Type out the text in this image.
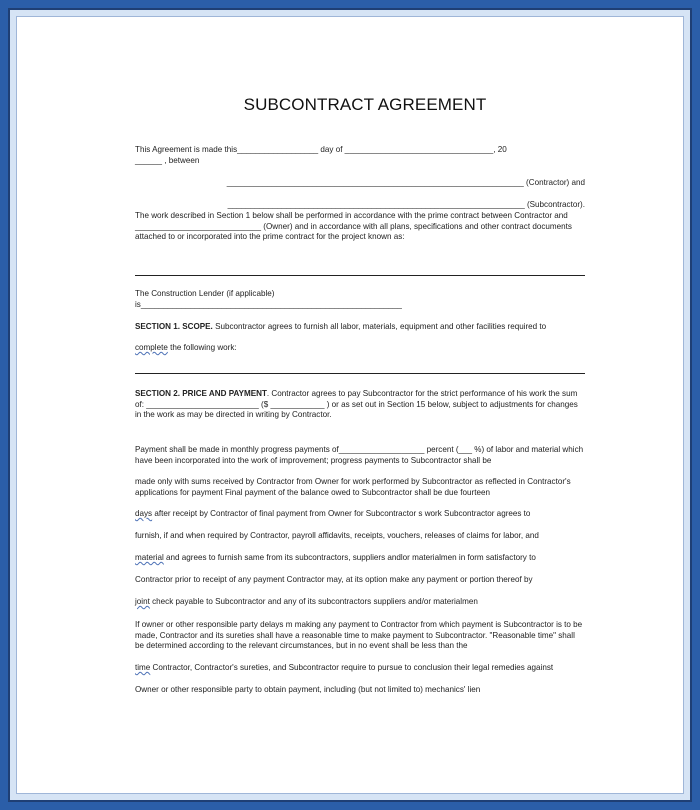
SUBCONTRACT AGREEMENT

This Agreement is made this__________________ day of _________________________________, 20

______ , between

__________________________________________________________________ (Contractor) and

__________________________________________________________________ (Subcontractor).

The work described in Section 1 below shall be performed in accordance with the prime contract between Contractor and ____________________________ (Owner) and in accordance with all plans, specifications and other contract documents attached to or incorporated into the prime contract for the project known as:

The Construction Lender (if applicable)

is__________________________________________________________

SECTION 1. SCOPE. Subcontractor agrees to furnish all labor, materials, equipment and other facilities required to

complete the following work:

SECTION 2. PRICE AND PAYMENT. Contractor agrees to pay Subcontractor for the strict performance of his work the sum of: _________________________ ($ ____________ ) or as set out in Section 15 below, subject to adjustments for changes in the work as may be directed in writing by Contractor.

Payment shall be made in monthly progress payments of___________________ percent (___ %) of labor and material which have been incorporated into the work of improvement; progress payments to Subcontractor shall be

made only with sums received by Contractor from Owner for work performed by Subcontractor as reflected in Contractor's applications for payment Final payment of the balance owed to Subcontractor shall be due fourteen

days after receipt by Contractor of final payment from Owner for Subcontractor s work Subcontractor agrees to

furnish, if and when required by Contractor, payroll affidavits, receipts, vouchers, releases of claims for labor, and

material and agrees to furnish same from its subcontractors, suppliers andlor materialmen in form satisfactory to

Contractor prior to receipt of any payment Contractor may, at its option make any payment or portion thereof by

joint check payable to Subcontractor and any of its subcontractors suppliers and/or materialmen

If owner or other responsible party delays m making any payment to Contractor from which payment is Subcontractor is to be made, Contractor and its sureties shall have a reasonable time to make payment to Subcontractor. "Reasonable time" shall be determined according to the relevant circumstances, but in no event shall be less than the

time Contractor, Contractor's sureties, and Subcontractor require to pursue to conclusion their legal remedies against

Owner or other responsible party to obtain payment, including (but not limited to) mechanics' lien
